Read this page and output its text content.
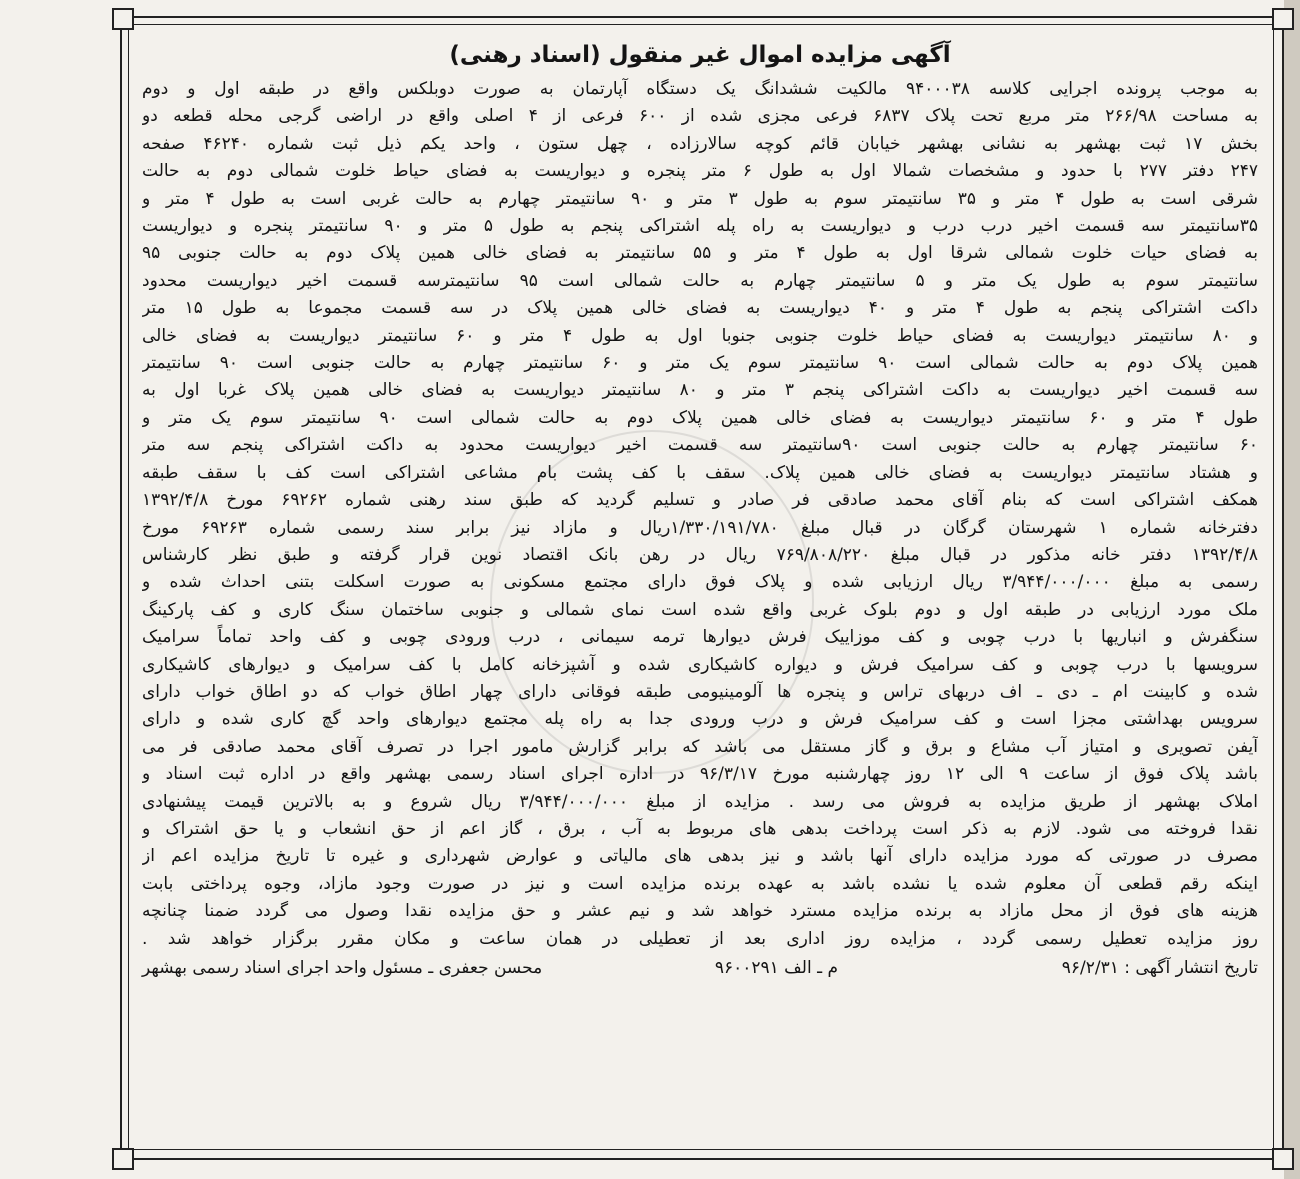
آگهی مزایده اموال غیر منقول (اسناد رهنی)
به موجب پرونده اجرایی کلاسه ۹۴۰۰۰۳۸ مالکیت ششدانگ یک دستگاه آپارتمان به صورت دوبلکس واقع در طبقه اول و دوم
به مساحت ۲۶۶/۹۸ متر مربع تحت پلاک ۶۸۳۷ فرعی مجزی شده از ۶۰۰ فرعی از ۴ اصلی واقع در اراضی گرجی محله قطعه دو
بخش ۱۷ ثبت بهشهر به نشانی بهشهر خیابان قائم کوچه سالارزاده ، چهل ستون ، واحد یکم ذیل ثبت شماره ۴۶۲۴۰ صفحه
۲۴۷ دفتر ۲۷۷ با حدود و مشخصات شمالا اول به طول ۶ متر پنجره و دیواریست به فضای حیاط خلوت شمالی دوم به حالت
شرقی است به طول ۴ متر و ۳۵ سانتیمتر سوم به طول ۳ متر و ۹۰ سانتیمتر چهارم به حالت غربی است به طول ۴ متر و
۳۵سانتیمتر سه قسمت اخیر درب درب و دیواریست به راه پله اشتراکی پنجم به طول ۵ متر و ۹۰ سانتیمتر پنجره و دیواریست
به فضای حیات خلوت شمالی شرقا اول به طول ۴ متر و ۵۵ سانتیمتر به فضای خالی همین پلاک دوم به حالت جنوبی ۹۵
سانتیمتر سوم به طول یک متر و ۵ سانتیمتر چهارم به حالت شمالی است ۹۵ سانتیمترسه قسمت اخیر دیواریست محدود
داکت اشتراکی پنجم به طول ۴ متر و ۴۰ دیواریست به فضای خالی همین پلاک در سه قسمت مجموعا به طول ۱۵ متر
و ۸۰ سانتیمتر دیواریست به فضای حیاط خلوت جنوبی جنوبا اول به طول ۴ متر و ۶۰ سانتیمتر دیواریست به فضای خالی
همین پلاک دوم به حالت شمالی است ۹۰ سانتیمتر سوم یک متر و ۶۰ سانتیمتر چهارم به حالت جنوبی است ۹۰ سانتیمتر
سه قسمت اخیر دیواریست به داکت اشتراکی پنجم ۳ متر و ۸۰ سانتیمتر دیواریست به فضای خالی همین پلاک غربا اول به
طول ۴ متر و ۶۰ سانتیمتر دیواریست به فضای خالی همین پلاک دوم به حالت شمالی است ۹۰ سانتیمتر سوم یک متر و
۶۰ سانتیمتر چهارم به حالت جنوبی است ۹۰سانتیمتر سه قسمت اخیر دیواریست محدود به داکت اشتراکی پنجم سه متر
و هشتاد سانتیمتر دیواریست به فضای خالی همین پلاک. سقف با کف پشت بام مشاعی اشتراکی است کف با سقف طبقه
همکف اشتراکی است که بنام آقای محمد صادقی فر صادر و تسلیم گردید که طبق سند رهنی شماره ۶۹۲۶۲ مورخ ۱۳۹۲/۴/۸
دفترخانه شماره ۱ شهرستان گرگان در قبال مبلغ ۱/۳۳۰/۱۹۱/۷۸۰ریال و مازاد نیز برابر سند رسمی شماره ۶۹۲۶۳ مورخ
۱۳۹۲/۴/۸ دفتر خانه مذکور در قبال مبلغ ۷۶۹/۸۰۸/۲۲۰ ریال در رهن بانک اقتصاد نوین قرار گرفته و طبق نظر کارشناس
رسمی به مبلغ ۳/۹۴۴/۰۰۰/۰۰۰ ریال ارزیابی شده و پلاک فوق دارای مجتمع مسکونی به صورت اسکلت بتنی احداث شده و
ملک مورد ارزیابی در طبقه اول و دوم بلوک غربی واقع شده است نمای شمالی و جنوبی ساختمان سنگ کاری و کف پارکینگ
سنگفرش و انباریها با درب چوبی و کف موزاییک فرش دیوارها ترمه سیمانی ، درب ورودی چوبی و کف واحد تماماً سرامیک
سرویسها با درب چوبی و کف سرامیک فرش و دیواره کاشیکاری شده و آشپزخانه کامل با کف سرامیک و دیوارهای کاشیکاری
شده و کابینت ام ـ دی ـ اف دربهای تراس و پنجره ها آلومینیومی طبقه فوقانی دارای چهار اطاق خواب که دو اطاق خواب دارای
سرویس بهداشتی مجزا است و کف سرامیک فرش و درب ورودی جدا به راه پله مجتمع دیوارهای واحد گچ کاری شده و دارای
آیفن تصویری و امتیاز آب مشاع و برق و گاز مستقل می باشد که برابر گزارش مامور اجرا در تصرف آقای محمد صادقی فر می
باشد پلاک فوق از ساعت ۹ الی ۱۲ روز چهارشنبه مورخ ۹۶/۳/۱۷ در اداره اجرای اسناد رسمی بهشهر واقع در اداره ثبت اسناد و
املاک بهشهر از طریق مزایده به فروش می رسد . مزایده از مبلغ ۳/۹۴۴/۰۰۰/۰۰۰ ریال شروع و به بالاترین قیمت پیشنهادی
نقدا فروخته می شود. لازم به ذکر است پرداخت بدهی های مربوط به آب ، برق ، گاز اعم از حق انشعاب و یا حق اشتراک و
مصرف در صورتی که مورد مزایده دارای آنها باشد و نیز بدهی های مالیاتی و عوارض شهرداری و غیره تا تاریخ مزایده اعم از
اینکه رقم قطعی آن معلوم شده یا نشده باشد به عهده برنده مزایده است و نیز در صورت وجود مازاد، وجوه پرداختی بابت
هزینه های فوق از محل مازاد به برنده مزایده مسترد خواهد شد و نیم عشر و حق مزایده نقدا وصول می گردد ضمنا چنانچه
روز مزایده تعطیل رسمی گردد ، مزایده روز اداری بعد از تعطیلی در همان ساعت و مکان مقرر برگزار خواهد شد .
تاریخ انتشار آگهی : ۹۶/۲/۳۱
م ـ الف ۹۶۰۰۲۹۱
محسن جعفری ـ مسئول واحد اجرای اسناد رسمی بهشهر
